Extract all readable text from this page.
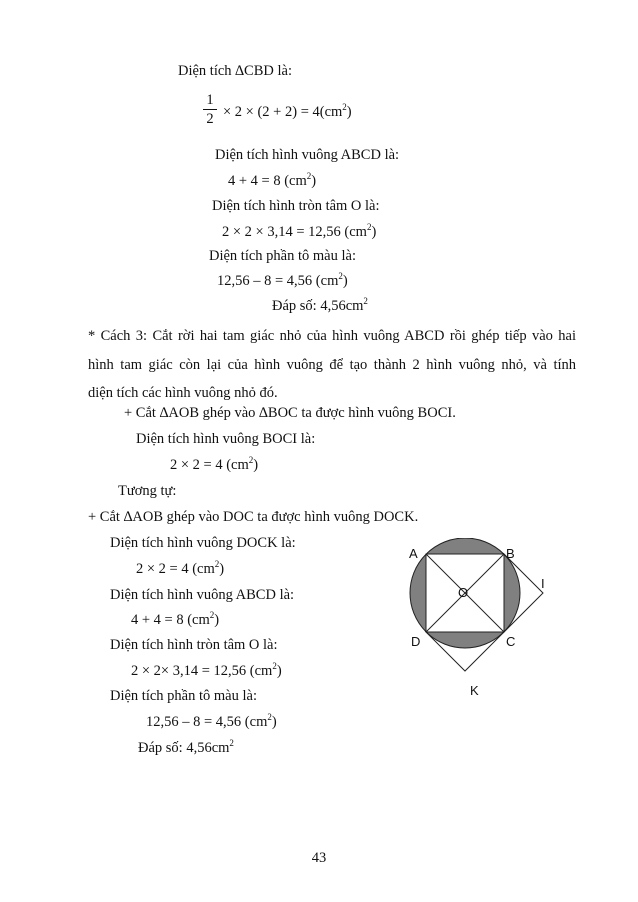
Diện tích ∆CBD là:
1
$2 \times 2 \times (2 + 2) = 4(cm^2)$
Diện tích hình vuông ABCD là:
4 + 4 = 8 $(cm^2)$
Diện tích hình tròn tâm O là:
2 × 2 × 3,14 = 12,56 $(cm^2)$
Diện tích phần tô màu là:
12,56 – 8 = 4,56 $(cm^2)$
Đáp số: $4,56cm^2$
* Cách 3: Cắt rời hai tam giác nhỏ của hình vuông ABCD rồi ghép tiếp vào hai
hình tam giác còn lại của hình vuông để tạo thành 2 hình vuông nhỏ, và tính
diện tích các hình vuông nhỏ đó.
+ Cắt ∆AOB ghép vào ∆BOC ta được hình vuông BOCI.
Diện tích hình vuông BOCI là:
2 × 2 = 4 $(cm^2)$
Tương tự:
+ Cắt ∆AOB ghép vào DOC ta được hình vuông DOCK.
Diện tích hình vuông DOCK là:
2 × 2 = 4 $(cm^2)$
Diện tích hình vuông ABCD là:
4 + 4 = 8 $(cm^2)$
Diện tích hình tròn tâm O là:
2 × 2× 3,14 = 12,56 $(cm^2)$
Diện tích phần tô màu là:
12,56 – 8 = 4,56 $(cm^2)$
Đáp số: $4,56cm^2$
A	B
C
D
O
I
K
43
